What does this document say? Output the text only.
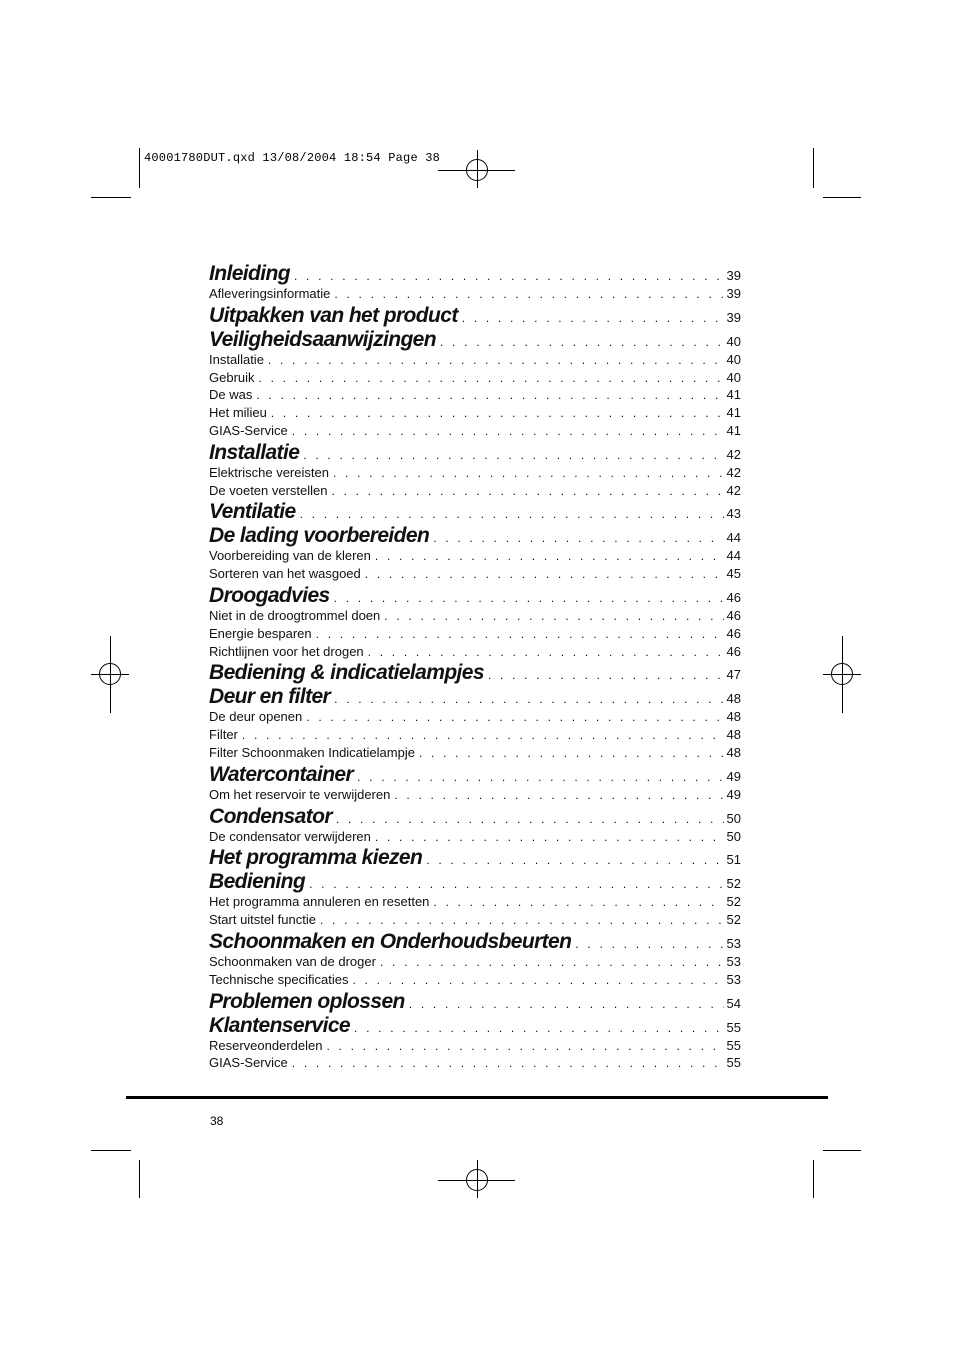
40001780DUT.qxd 13/08/2004 18:54 Page 38
Inleiding . . .	39
Afleveringsinformatie . . .	39
Uitpakken van het product . . .	39
Veiligheidsaanwijzingen . . .	40
Installatie . . .	40
Gebruik . . .	40
De was . . .	41
Het milieu . . .	41
GIAS-Service . . .	41
Installatie . . .	42
Elektrische vereisten . . .	42
De voeten verstellen . . .	42
Ventilatie . . .	43
De lading voorbereiden . . .	44
Voorbereiding van de kleren . . .	44
Sorteren van het wasgoed . . .	45
Droogadvies . . .	46
Niet in de droogtrommel doen . . .	46
Energie besparen . . .	46
Richtlijnen voor het drogen . . .	46
Bediening & indicatielampjes . . .	47
Deur en filter . . .	48
De deur openen . . .	48
Filter . . .	48
Filter Schoonmaken Indicatielampje . . .	48
Watercontainer . . .	49
Om het reservoir te verwijderen . . .	49
Condensator . . .	50
De condensator verwijderen . . .	50
Het programma kiezen . . .	51
Bediening . . .	52
Het programma annuleren en resetten . . .	52
Start uitstel functie . . .	52
Schoonmaken en Onderhoudsbeurten . . .	53
Schoonmaken van de droger . . .	53
Technische specificaties . . .	53
Problemen oplossen . . .	54
Klantenservice . . .	55
Reserveonderdelen . . .	55
GIAS-Service . . .	55
38
